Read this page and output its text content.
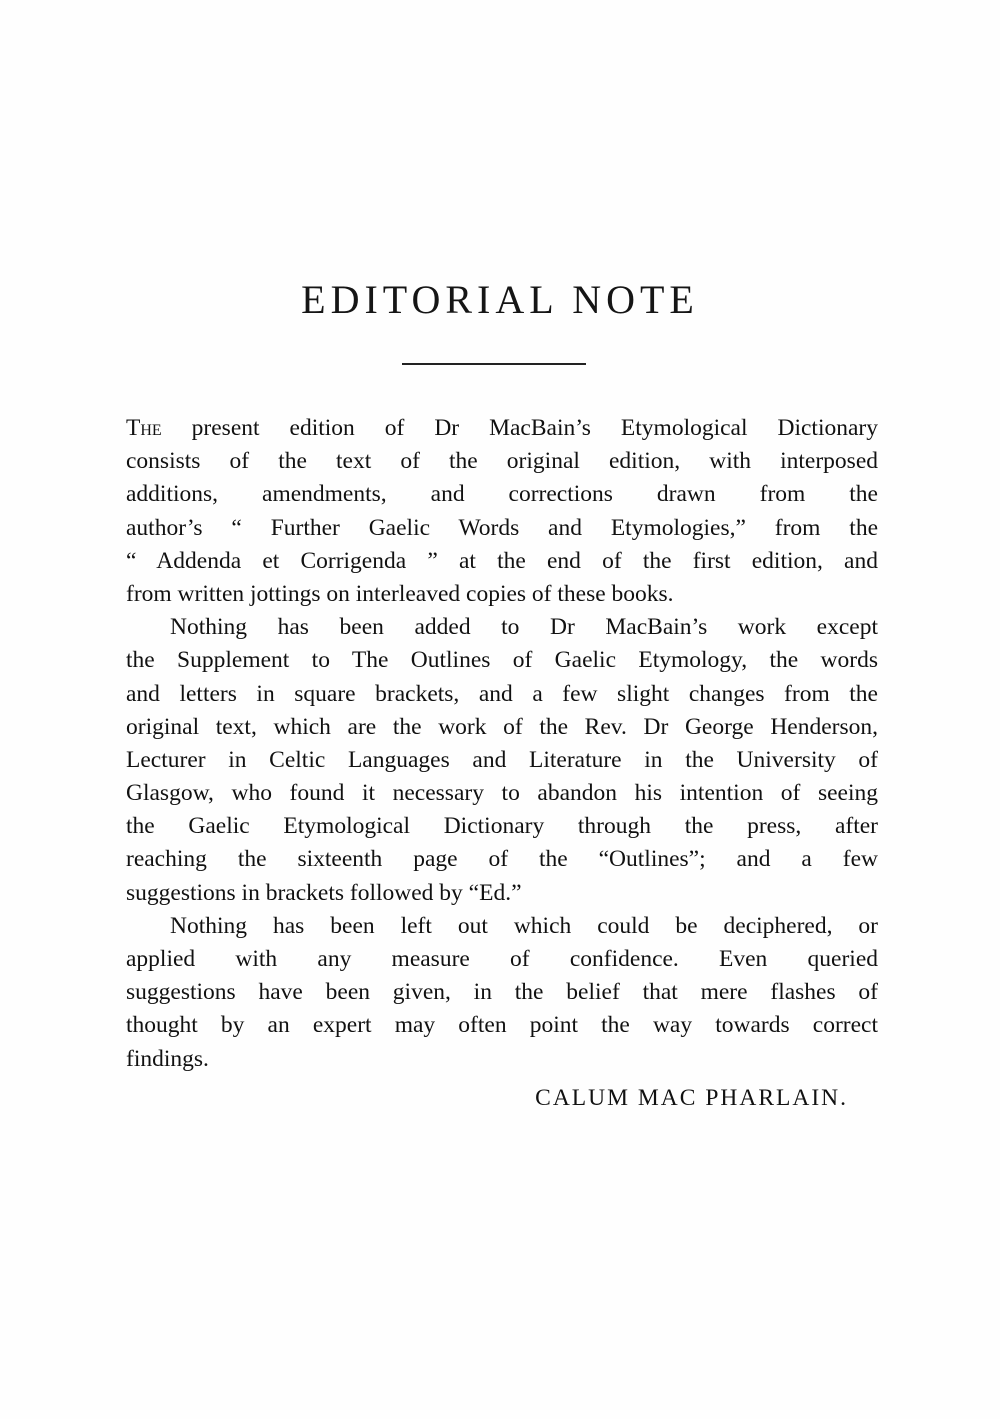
EDITORIAL NOTE
The present edition of Dr MacBain’s Etymological Dictionary
consists of the text of the original edition, with interposed
additions, amendments, and corrections drawn from the
author’s “ Further Gaelic Words and Etymologies,” from the
“ Addenda et Corrigenda ” at the end of the first edition, and
from written jottings on interleaved copies of these books.
Nothing has been added to Dr MacBain’s work except
the Supplement to The Outlines of Gaelic Etymology, the words
and letters in square brackets, and a few slight changes from the
original text, which are the work of the Rev. Dr George Henderson,
Lecturer in Celtic Languages and Literature in the University of
Glasgow, who found it necessary to abandon his intention of seeing
the Gaelic Etymological Dictionary through the press, after
reaching the sixteenth page of the “Outlines”; and a few
suggestions in brackets followed by “Ed.”
Nothing has been left out which could be deciphered, or
applied with any measure of confidence. Even queried
suggestions have been given, in the belief that mere flashes of
thought by an expert may often point the way towards correct
findings.
CALUM MAC PHARLAIN.
